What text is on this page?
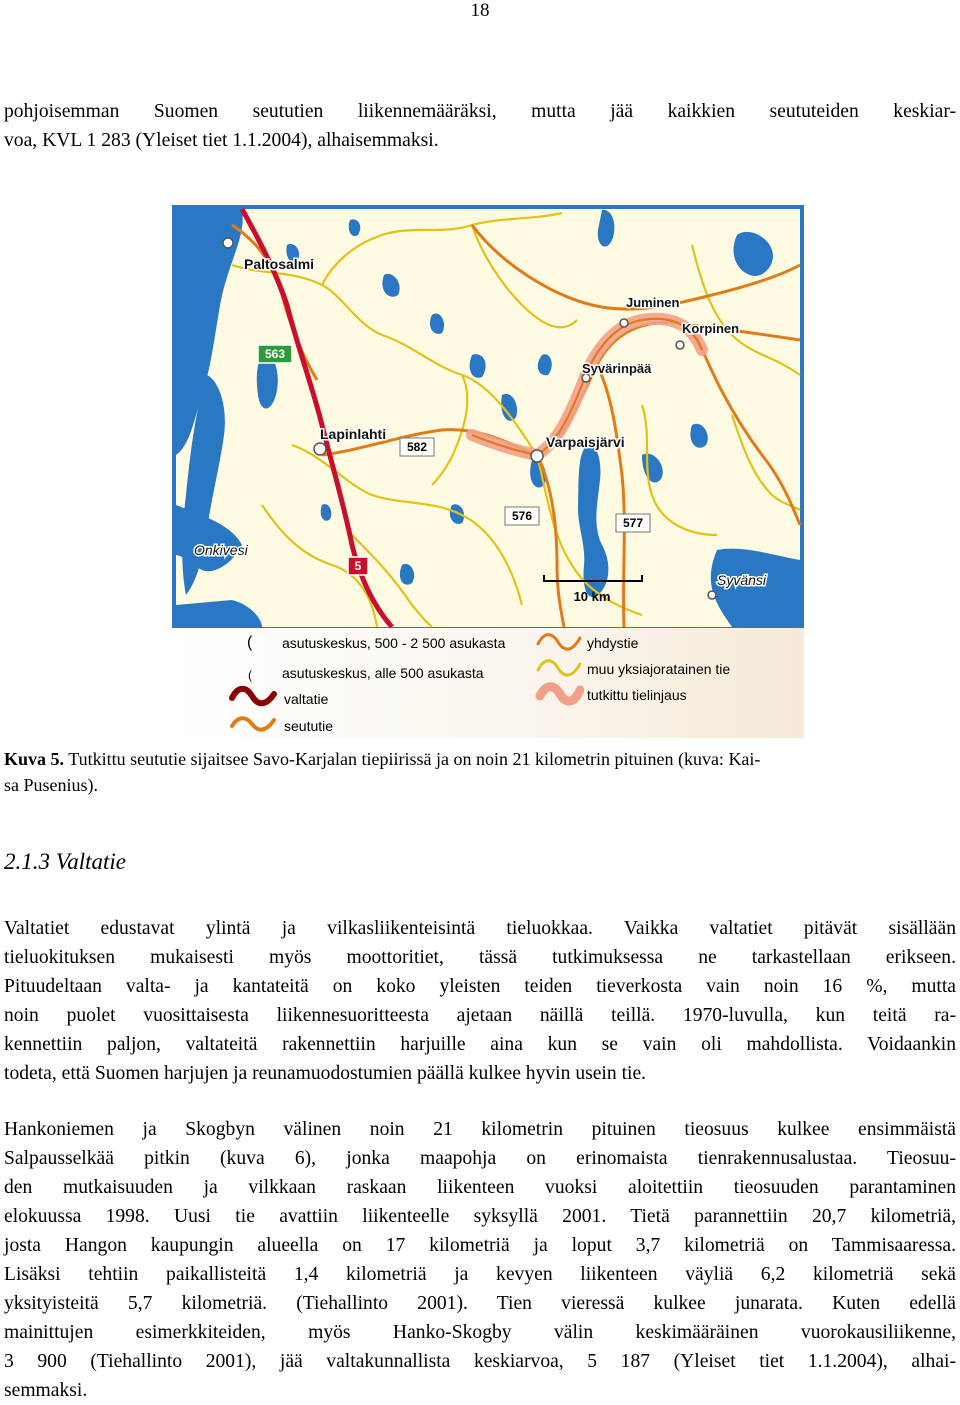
18

pohjoisemman Suomen seututien liikennemääräksi, mutta jää kaikkien seututeiden keskiar-
voa, KVL 1 283 (Yleiset tiet 1.1.2004), alhaisemmaksi.

563
582
576	577
5
Paltosalmi
Juminen
Korpinen
Syvärinpää
Lapinlahti	Varpaisjärvi
Onkivesi
Syvänsi
10 km
( asutuskeskus, 500 - 2 500 asukasta
( asutuskeskus, alle 500 asukasta
valtatie
seututie
yhdystie
muu yksiajoratainen tie
tutkittu tielinjaus

Kuva 5. Tutkittu seututie sijaitsee Savo-Karjalan tiepiirissä ja on noin 21 kilometrin pituinen (kuva: Kai-
sa Pusenius).

2.1.3 Valtatie

Valtatiet edustavat ylintä ja vilkasliikenteisintä tieluokkaa. Vaikka valtatiet pitävät sisällään
tieluokituksen mukaisesti myös moottoritiet, tässä tutkimuksessa ne tarkastellaan erikseen.
Pituudeltaan valta- ja kantateitä on koko yleisten teiden tieverkosta vain noin 16 %, mutta
noin puolet vuosittaisesta liikennesuoritteesta ajetaan näillä teillä. 1970-luvulla, kun teitä ra-
kennettiin paljon, valtateitä rakennettiin harjuille aina kun se vain oli mahdollista. Voidaankin
todeta, että Suomen harjujen ja reunamuodostumien päällä kulkee hyvin usein tie.

Hankoniemen ja Skogbyn välinen noin 21 kilometrin pituinen tieosuus kulkee ensimmäistä
Salpausselkää pitkin (kuva 6), jonka maapohja on erinomaista tienrakennusalustaa. Tieosuu-
den mutkaisuuden ja vilkkaan raskaan liikenteen vuoksi aloitettiin tieosuuden parantaminen
elokuussa 1998. Uusi tie avattiin liikenteelle syksyllä 2001. Tietä parannettiin 20,7 kilometriä,
josta Hangon kaupungin alueella on 17 kilometriä ja loput 3,7 kilometriä on Tammisaaressa.
Lisäksi tehtiin paikallisteitä 1,4 kilometriä ja kevyen liikenteen väyliä 6,2 kilometriä sekä
yksityisteitä 5,7 kilometriä. (Tiehallinto 2001). Tien vieressä kulkee junarata. Kuten edellä
mainittujen esimerkkiteiden, myös Hanko-Skogby välin keskimääräinen vuorokausiliikenne,
3 900 (Tiehallinto 2001), jää valtakunnallista keskiarvoa, 5 187 (Yleiset tiet 1.1.2004), alhai-
semmaksi.
